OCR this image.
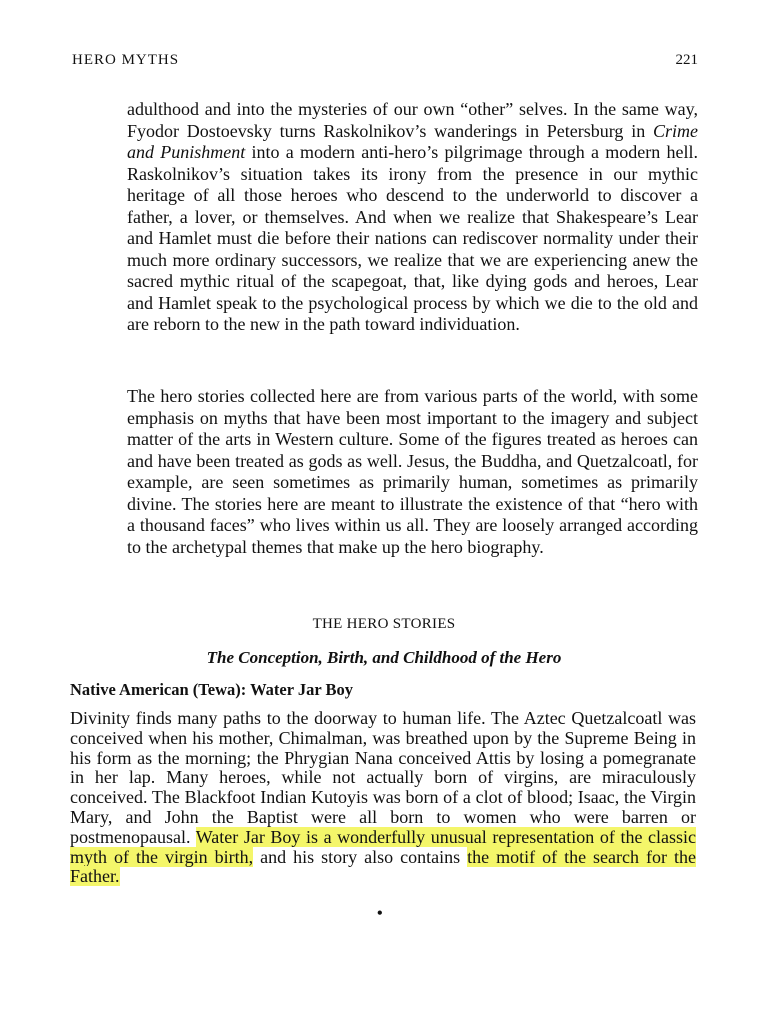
HERO MYTHS	221

adulthood and into the mysteries of our own “other” selves. In the same way, Fyodor Dostoevsky turns Raskolnikov’s wanderings in Petersburg in Crime and Punishment into a modern anti-hero’s pilgrimage through a modern hell. Raskolnikov’s situation takes its irony from the presence in our mythic heritage of all those heroes who descend to the underworld to discover a father, a lover, or themselves. And when we realize that Shakespeare’s Lear and Hamlet must die before their nations can rediscover normality under their much more ordinary successors, we realize that we are experiencing anew the sacred mythic ritual of the scapegoat, that, like dying gods and heroes, Lear and Hamlet speak to the psychological process by which we die to the old and are reborn to the new in the path toward individuation.

The hero stories collected here are from various parts of the world, with some emphasis on myths that have been most important to the imagery and subject matter of the arts in Western culture. Some of the figures treated as heroes can and have been treated as gods as well. Jesus, the Buddha, and Quetzalcoatl, for example, are seen sometimes as primarily human, sometimes as primarily divine. The stories here are meant to illustrate the existence of that “hero with a thousand faces” who lives within us all. They are loosely arranged according to the archetypal themes that make up the hero biography.

THE HERO STORIES
The Conception, Birth, and Childhood of the Hero
Native American (Tewa): Water Jar Boy

Divinity finds many paths to the doorway to human life. The Aztec Quetzalcoatl was conceived when his mother, Chimalman, was breathed upon by the Supreme Being in his form as the morning; the Phrygian Nana conceived Attis by losing a pomegranate in her lap. Many heroes, while not actually born of virgins, are miraculously conceived. The Blackfoot Indian Kutoyis was born of a clot of blood; Isaac, the Virgin Mary, and John the Baptist were all born to women who were barren or postmenopausal. Water Jar Boy is a wonderfully unusual representation of the classic myth of the virgin birth, and his story also contains the motif of the search for the Father.

•
